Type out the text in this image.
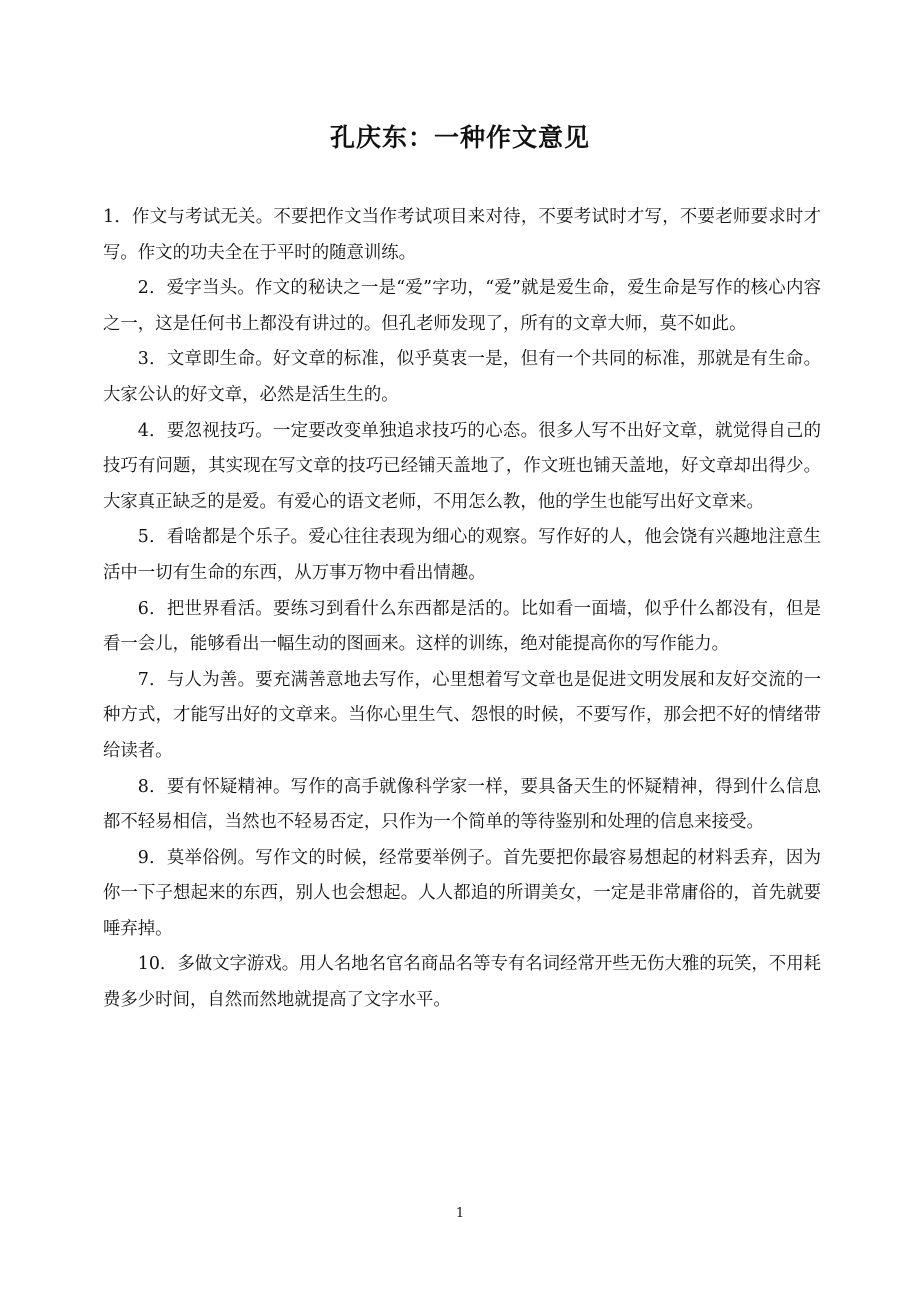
孔庆东：一种作文意见

1．作文与考试无关。不要把作文当作考试项目来对待，不要考试时才写，不要老师要求时才写。作文的功夫全在于平时的随意训练。

2．爱字当头。作文的秘诀之一是“爱”字功，“爱”就是爱生命，爱生命是写作的核心内容之一，这是任何书上都没有讲过的。但孔老师发现了，所有的文章大师，莫不如此。

3．文章即生命。好文章的标准，似乎莫衷一是，但有一个共同的标准，那就是有生命。大家公认的好文章，必然是活生生的。

4．要忽视技巧。一定要改变单独追求技巧的心态。很多人写不出好文章，就觉得自己的技巧有问题，其实现在写文章的技巧已经铺天盖地了，作文班也铺天盖地，好文章却出得少。大家真正缺乏的是爱。有爱心的语文老师，不用怎么教，他的学生也能写出好文章来。

5．看啥都是个乐子。爱心往往表现为细心的观察。写作好的人，他会饶有兴趣地注意生活中一切有生命的东西，从万事万物中看出情趣。

6．把世界看活。要练习到看什么东西都是活的。比如看一面墙，似乎什么都没有，但是看一会儿，能够看出一幅生动的图画来。这样的训练，绝对能提高你的写作能力。

7．与人为善。要充满善意地去写作，心里想着写文章也是促进文明发展和友好交流的一种方式，才能写出好的文章来。当你心里生气、怨恨的时候，不要写作，那会把不好的情绪带给读者。

8．要有怀疑精神。写作的高手就像科学家一样，要具备天生的怀疑精神，得到什么信息都不轻易相信，当然也不轻易否定，只作为一个简单的等待鉴别和处理的信息来接受。

9．莫举俗例。写作文的时候，经常要举例子。首先要把你最容易想起的材料丢弃，因为你一下子想起来的东西，别人也会想起。人人都追的所谓美女，一定是非常庸俗的，首先就要唾弃掉。

10．多做文字游戏。用人名地名官名商品名等专有名词经常开些无伤大雅的玩笑，不用耗费多少时间，自然而然地就提高了文字水平。

1
